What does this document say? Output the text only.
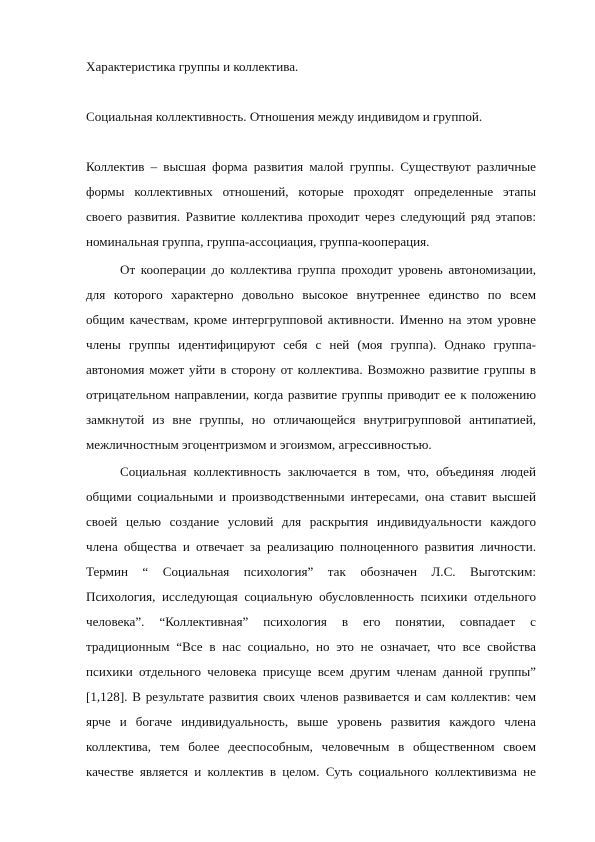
Характеристика группы и коллектива.
Социальная коллективность. Отношения между индивидом и группой.
Коллектив – высшая форма развития малой группы. Существуют различные
формы коллективных отношений, которые проходят определенные этапы
своего развития. Развитие коллектива проходит через следующий ряд этапов:
номинальная группа, группа-ассоциация, группа-кооперация.
От кооперации до коллектива группа проходит уровень автономизации,
для которого характерно довольно высокое внутреннее единство по всем
общим качествам, кроме интергрупповой активности. Именно на этом уровне
члены группы идентифицируют себя с ней (моя группа). Однако группа-
автономия может уйти в сторону от коллектива. Возможно развитие группы в
отрицательном направлении, когда развитие группы приводит ее к положению
замкнутой из вне группы, но отличающейся внутригрупповой антипатией,
межличностным эгоцентризмом и эгоизмом, агрессивностью.
Социальная коллективность заключается в том, что, объединяя людей
общими социальными и производственными интересами, она ставит высшей
своей целью создание условий для раскрытия индивидуальности каждого
члена общества и отвечает за реализацию полноценного развития личности.
Термин “ Социальная психология” так обозначен Л.С. Выготским:
Психология, исследующая социальную обусловленность психики отдельного
человека”. “Коллективная” психология в его понятии, совпадает с
традиционным “Все в нас социально, но это не означает, что все свойства
психики отдельного человека присуще всем другим членам данной группы”
[1,128]. В результате развития своих членов развивается и сам коллектив: чем
ярче и богаче индивидуальность, выше уровень развития каждого члена
коллектива, тем более дееспособным, человечным в общественном своем
качестве является и коллектив в целом. Суть социального коллективизма не
